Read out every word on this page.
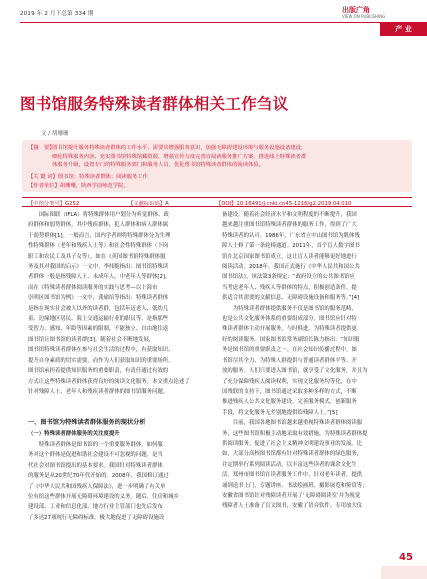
2019 年 2 月下总第 334 期	出版广角
VIEW ON PUBLISHING
产 业
图书馆服务特殊读者群体相关工作刍议
文 / 胡珊珊
【摘　要】
图书馆提升服务特殊读者群体的工作水平，需要其增强服务意识，加强无障碍建设环境与服务设施设备建设，
细化特殊服务内容。充实图书馆特殊馆藏资源，增强宣传力度完善盲阅读服务推广方案，推进线上特殊读者群
体服务升级，设置专门的特殊服务部门和服务人员，优化图书馆特殊读者群体的阅读体验。
【关 键 词】图书馆；特殊读者群体；阅读服务工作
【作者单位】胡珊珊，陕西学前师范学院。
【中图分类号】G252	【文献标识码】A	【DOI】10.16491/j.cnki.cn45-1216/g2.2019.04.010
　　国际图联（IFLA）将特殊群体用户划分为听觉群体、政
府群体和弱势群体。其中残疾群体、犯人群体和病人群体属
于弱势群体[1]。一般而言，国内学者则将特殊群体分为生理
性特殊群体（老年和残疾人士等）和社会性特殊群体（下岗
职工和农民工及其子女等）。如在《英国图书馆特殊群体服
务及其对我国的启示》一文中，李炜脆指出：图书馆特殊读
者群体一般是指残障人士、未成年人、中老年人等群体[2]。
而在《特殊读者群体阅读服务的实践与思考—以上海市
崇明区图书馆为例》一文中，龚瑜培等指出：特殊读者群体
是指在现实社会被人以外的读者群，包括年迈老人、低幼儿
童、边缘地区居民、海上交通运输行业的职员等。是指那些
受智力、感知、年龄等因素的限制，不能独立、自由地往返
图书馆且图书馆的读者群[3]。随着社会不断地发展，
图书馆特殊读者群体在参与社会生活的过程中，有获取知识、
提升自身素质的切实需要，而作为人们获取知识的重要场所，
图书馆承担着提供知识服务的重要职责，有责任通过有效的
方式让这些特殊读者群体获得良好的阅读文化服务。本文重点论述了
针对残障人士、老年人和残疾读者群体的图书馆服务问题。
一、图书馆为特殊读者群体服务的现状分析
（一）特殊读者群体服务的关注度提升
　　特殊读者群体是图书馆的一个重要服务群体，如何服
务对这个群体是促进和谐社会建设不可忽视的问题。是当
代社会对图书馆提出的基本要求。我国针对特殊读者群体
的服务是从20世纪70年代开始的。2008年，我国修订通过
了《中华人民共和国残疾人保障法》，进一步明确了有关单
位有给这些群体开展无障碍环境建设的义务。随后，住房和城乡
建设部、工业和信息化部、地方行业主管部门也先后发布
了多达27项现行无障碍标准。极大地促进了无障碍设施设
备建设。随着社会经济水平和文明程度的不断提升，我国
越来越注重图书馆特殊读者群体的服务工作，得到了广大
特殊读者的认可。1986年，广东省立中山图书馆为肌体残
障人士修了第一条轮椅通道。2011年，首个盲人数字图书
馆在北京国家图书馆成立，这让盲人读者能够更好地进行
阅读活动。2018年，我国正式施行《中华人民共和国公共
图书馆法》，该法第3条规定：“政府设立的公共图书馆应
当考虑老年人、残疾人等群体的特点，积极创造条件，提
供适合其需要的文献信息、无障碍设施设备和服务等。”[4]
　　为特殊读者群体提供服务不仅是图书馆的服务范畴，
也是公共文化服务体系的重要组成部分。图书馆应针对特
殊读者群体主动开展服务，与时俱进，为特殊读者提供更
好的阅读服务。国家图书馆常务副馆长陈力指出：“知识服
务是图书馆的重要职责之一。在社会知识传播过程中，图
书馆尽其全力，为特殊人群提供与普通读者群体平等、开
放的服务。人们只要进入图书馆，就享受了文化服务，并且为
了充分保障残疾人阅读权利，实现文化服务均等化，在中
国残联的支持下，图书馆通过采取多种多样的方式，不断
推进残疾人公共文化服务建设，完善服务模式，创新服务
手段，将文化服务无差别地提供给残障人士。”[5]
　　目前，我国各地图书馆越来越重视特殊读者群体阅读服
务，这些图书馆积极主动地采取有效措施，为特殊读者群体提
供阅读服务。促进了社会主义精神文明建设事业的发展。比
如，大部分高校图书馆都有针对特殊读者群体的绿色服务，
并定期举行系列阅读活动，以丰富这些读者的课余文化生
活。郑州市图书馆在读者服务工作中，针对老年读者，提供
诵到送书上门、专题讲座、书法绘画班、摄影展览和鉴赏等；
安徽省图书馆针对残障读者开展了‘无障碍阅读室’并为视觉
残障者人士准备了盲文图书，安徽了语音软件、专用放大仪
45
